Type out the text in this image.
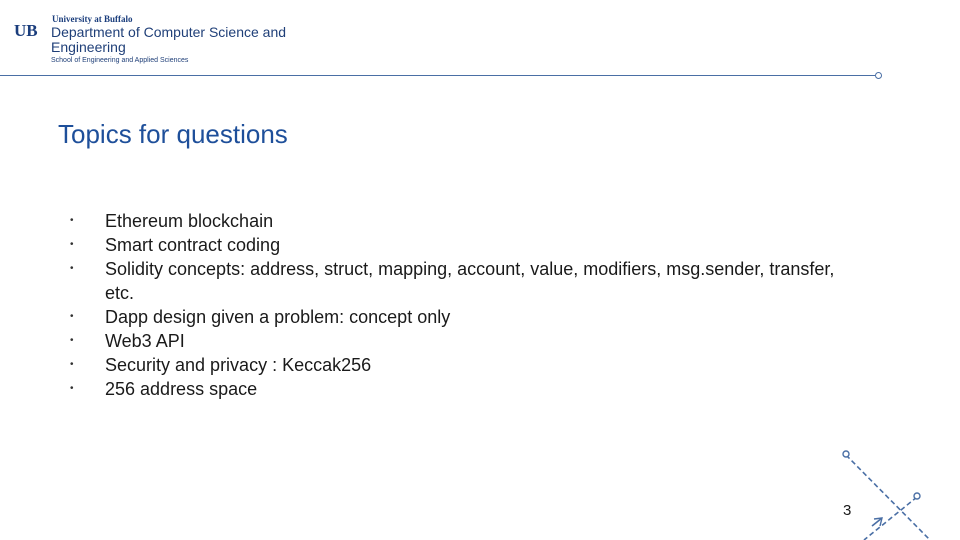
UB
University at Buffalo
Department of Computer Science and Engineering
School of Engineering and Applied Sciences
Topics for questions
• Ethereum blockchain
• Smart contract coding
• Solidity concepts: address, struct, mapping, account, value, modifiers, msg.sender, transfer, etc.
• Dapp design given a problem: concept only
• Web3 API
• Security and privacy : Keccak256
• 256 address space
3
